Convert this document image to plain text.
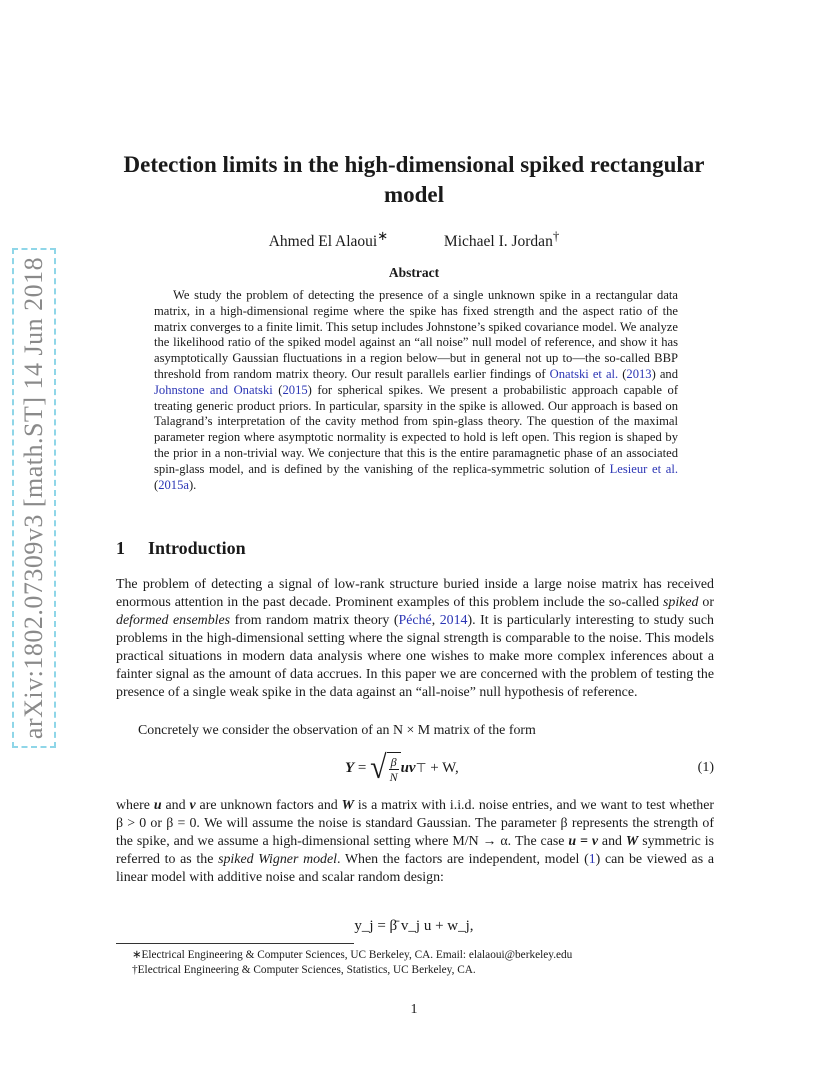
arXiv:1802.07309v3 [math.ST] 14 Jun 2018
Detection limits in the high-dimensional spiked rectangular model
Ahmed El Alaoui∗	Michael I. Jordan†
Abstract
We study the problem of detecting the presence of a single unknown spike in a rectangular data matrix, in a high-dimensional regime where the spike has fixed strength and the aspect ratio of the matrix converges to a finite limit. This setup includes Johnstone’s spiked covariance model. We analyze the likelihood ratio of the spiked model against an “all noise” null model of reference, and show it has asymptotically Gaussian fluctuations in a region below—but in general not up to—the so-called BBP threshold from random matrix theory. Our result parallels earlier findings of Onatski et al. (2013) and Johnstone and Onatski (2015) for spherical spikes. We present a probabilistic approach capable of treating generic product priors. In particular, sparsity in the spike is allowed. Our approach is based on Talagrand’s interpretation of the cavity method from spin-glass theory. The question of the maximal parameter region where asymptotic normality is expected to hold is left open. This region is shaped by the prior in a non-trivial way. We conjecture that this is the entire paramagnetic phase of an associated spin-glass model, and is defined by the vanishing of the replica-symmetric solution of Lesieur et al. (2015a).
1 Introduction
The problem of detecting a signal of low-rank structure buried inside a large noise matrix has received enormous attention in the past decade. Prominent examples of this problem include the so-called spiked or deformed ensembles from random matrix theory (Péché, 2014). It is particularly interesting to study such problems in the high-dimensional setting where the signal strength is comparable to the noise. This models practical situations in modern data analysis where one wishes to make more complex inferences about a fainter signal as the amount of data accrues. In this paper we are concerned with the problem of testing the presence of a single weak spike in the data against an “all-noise” null hypothesis of reference.
Concretely we consider the observation of an N × M matrix of the form
Y = √ $\frac{\beta}{N}$ uv ⊤
+ W,	(1)
where u and v are unknown factors and W is a matrix with i.i.d. noise entries, and we want to test whether β > 0 or β = 0. We will assume the noise is standard Gaussian. The parameter β represents the strength of the spike, and we assume a high-dimensional setting where M/N → α. The case u = v and W symmetric is referred to as the spiked Wigner model. When the factors are independent, model (1) can be viewed as a linear model with additive noise and scalar random design:
y_j = β̄ v_j u + w_j,
∗Electrical Engineering & Computer Sciences, UC Berkeley, CA. Email: elalaoui@berkeley.edu
†Electrical Engineering & Computer Sciences, Statistics, UC Berkeley, CA.
1
